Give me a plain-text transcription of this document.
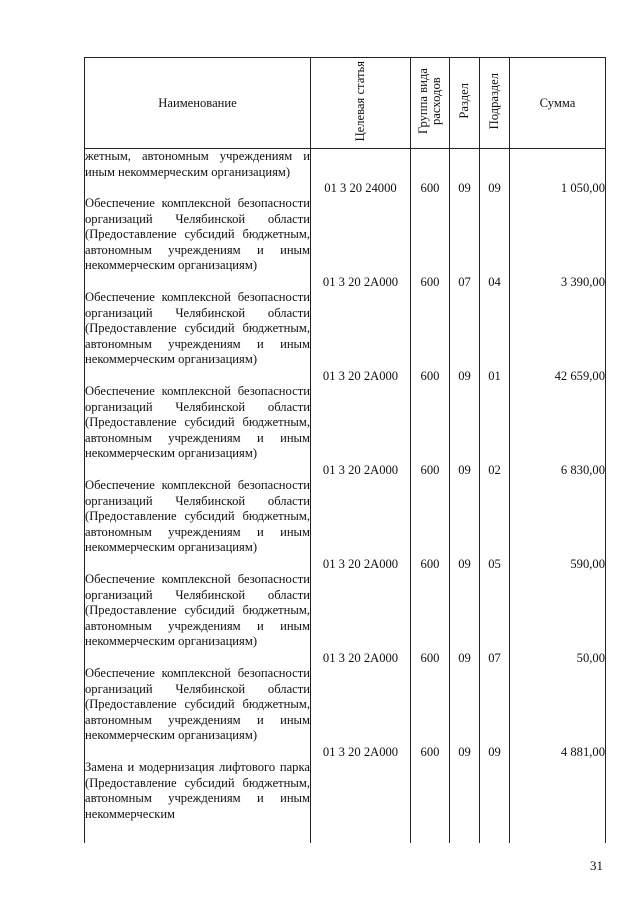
Наименование	Целевая статья	Группа вида расходов	Раздел	Подраздел	Сумма

жетным, автономным учреждениям и иным некоммерческим организациям)	01 3 20 24000	600	09	09	1 050,00

Обеспечение комплексной безопасности организаций Челябинской области (Предоставление субсидий бюджетным, автономным учреждениям и иным некоммерческим организациям)	01 3 20 2А000	600	07	04	3 390,00

Обеспечение комплексной безопасности организаций Челябинской области (Предоставление субсидий бюджетным, автономным учреждениям и иным некоммерческим организациям)	01 3 20 2А000	600	09	01	42 659,00

Обеспечение комплексной безопасности организаций Челябинской области (Предоставление субсидий бюджетным, автономным учреждениям и иным некоммерческим организациям)	01 3 20 2А000	600	09	02	6 830,00

Обеспечение комплексной безопасности организаций Челябинской области (Предоставление субсидий бюджетным, автономным учреждениям и иным некоммерческим организациям)	01 3 20 2А000	600	09	05	590,00

Обеспечение комплексной безопасности организаций Челябинской области (Предоставление субсидий бюджетным, автономным учреждениям и иным некоммерческим организациям)	01 3 20 2А000	600	09	07	50,00

Обеспечение комплексной безопасности организаций Челябинской области (Предоставление субсидий бюджетным, автономным учреждениям и иным некоммерческим организациям)	01 3 20 2А000	600	09	09	4 881,00

Замена и модернизация лифтового парка (Предоставление субсидий бюджетным, автономным учреждениям и иным некоммерческим					

31
